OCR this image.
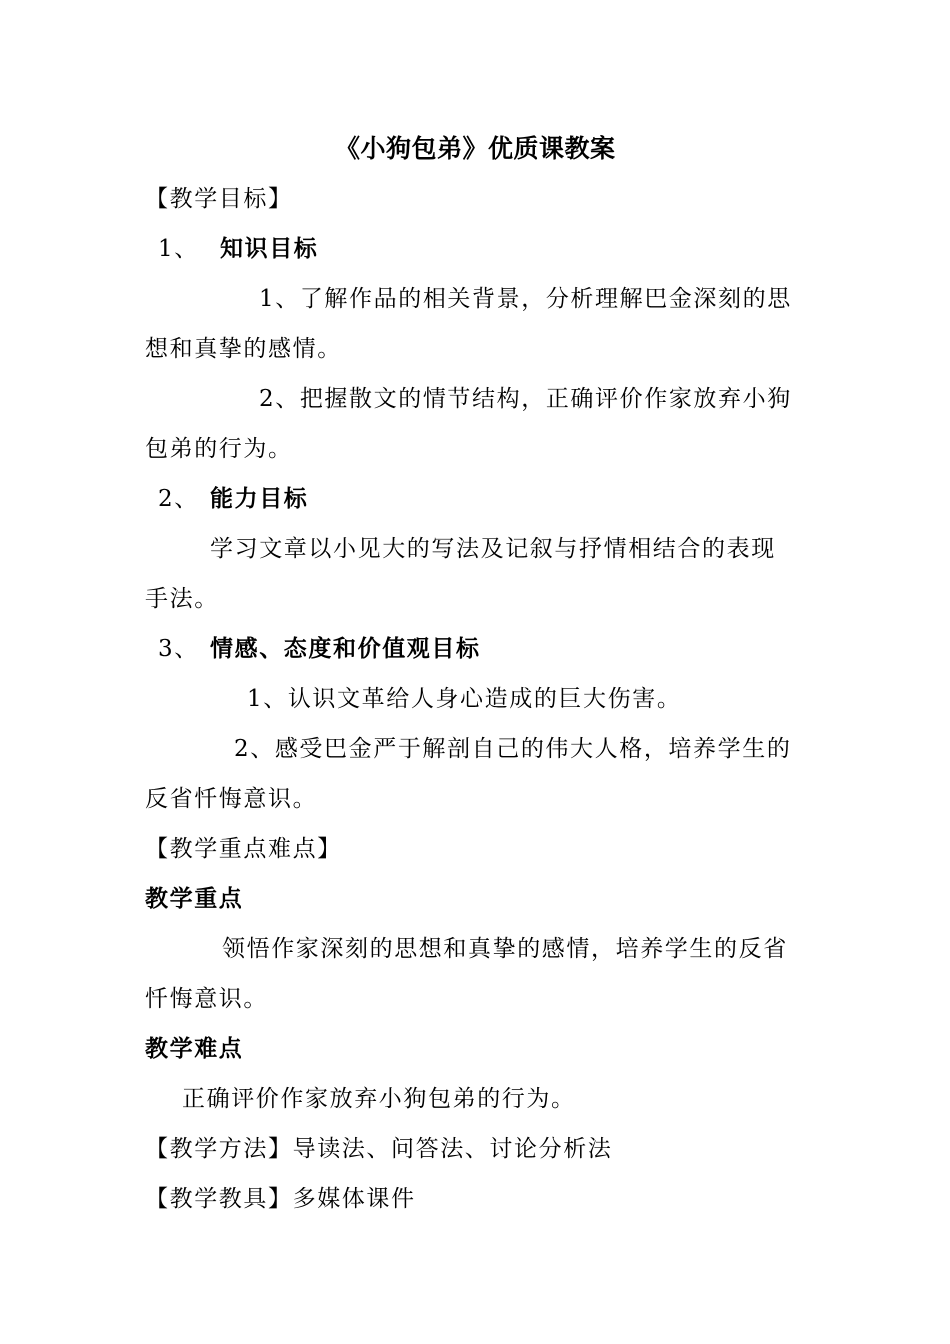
《小狗包弟》优质课教案
【教学目标】
1、 知识目标
1、了解作品的相关背景，分析理解巴金深刻的思
想和真挚的感情。
2、把握散文的情节结构，正确评价作家放弃小狗
包弟的行为。
2、 能力目标
学习文章以小见大的写法及记叙与抒情相结合的表现
手法。
3、 情感、态度和价值观目标
1、认识文革给人身心造成的巨大伤害。
2、感受巴金严于解剖自己的伟大人格，培养学生的
反省忏悔意识。
【教学重点难点】
教学重点
领悟作家深刻的思想和真挚的感情，培养学生的反省
忏悔意识。
教学难点
正确评价作家放弃小狗包弟的行为。
【教学方法】导读法、问答法、讨论分析法
【教学教具】多媒体课件
